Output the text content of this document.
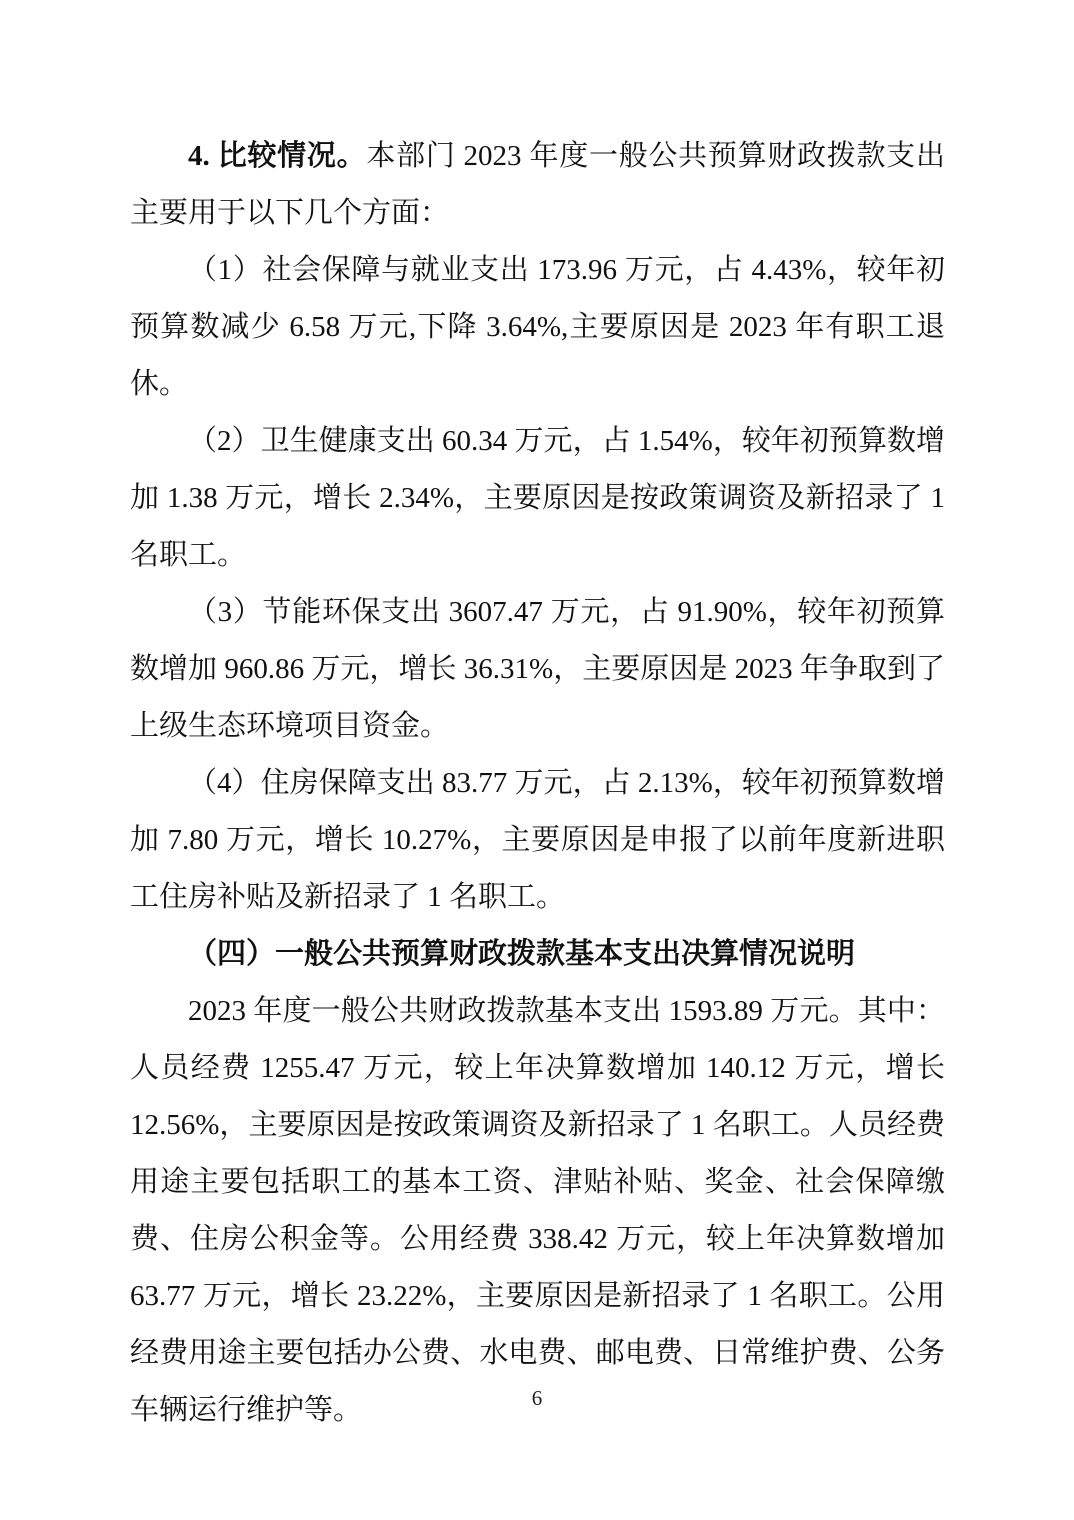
4. 比较情况。本部门 2023 年度一般公共预算财政拨款支出主要用于以下几个方面：

（1）社会保障与就业支出 173.96 万元，占 4.43%，较年初预算数减少 6.58 万元,下降 3.64%,主要原因是 2023 年有职工退休。

（2）卫生健康支出 60.34 万元，占 1.54%，较年初预算数增加 1.38 万元，增长 2.34%，主要原因是按政策调资及新招录了 1 名职工。

（3）节能环保支出 3607.47 万元，占 91.90%，较年初预算数增加 960.86 万元，增长 36.31%，主要原因是 2023 年争取到了上级生态环境项目资金。

（4）住房保障支出 83.77 万元，占 2.13%，较年初预算数增加 7.80 万元，增长 10.27%，主要原因是申报了以前年度新进职工住房补贴及新招录了 1 名职工。

（四）一般公共预算财政拨款基本支出决算情况说明

2023 年度一般公共财政拨款基本支出 1593.89 万元。其中：人员经费 1255.47 万元，较上年决算数增加 140.12 万元，增长 12.56%，主要原因是按政策调资及新招录了 1 名职工。人员经费用途主要包括职工的基本工资、津贴补贴、奖金、社会保障缴费、住房公积金等。公用经费 338.42 万元，较上年决算数增加 63.77 万元，增长 23.22%，主要原因是新招录了 1 名职工。公用经费用途主要包括办公费、水电费、邮电费、日常维护费、公务车辆运行维护等。	6
